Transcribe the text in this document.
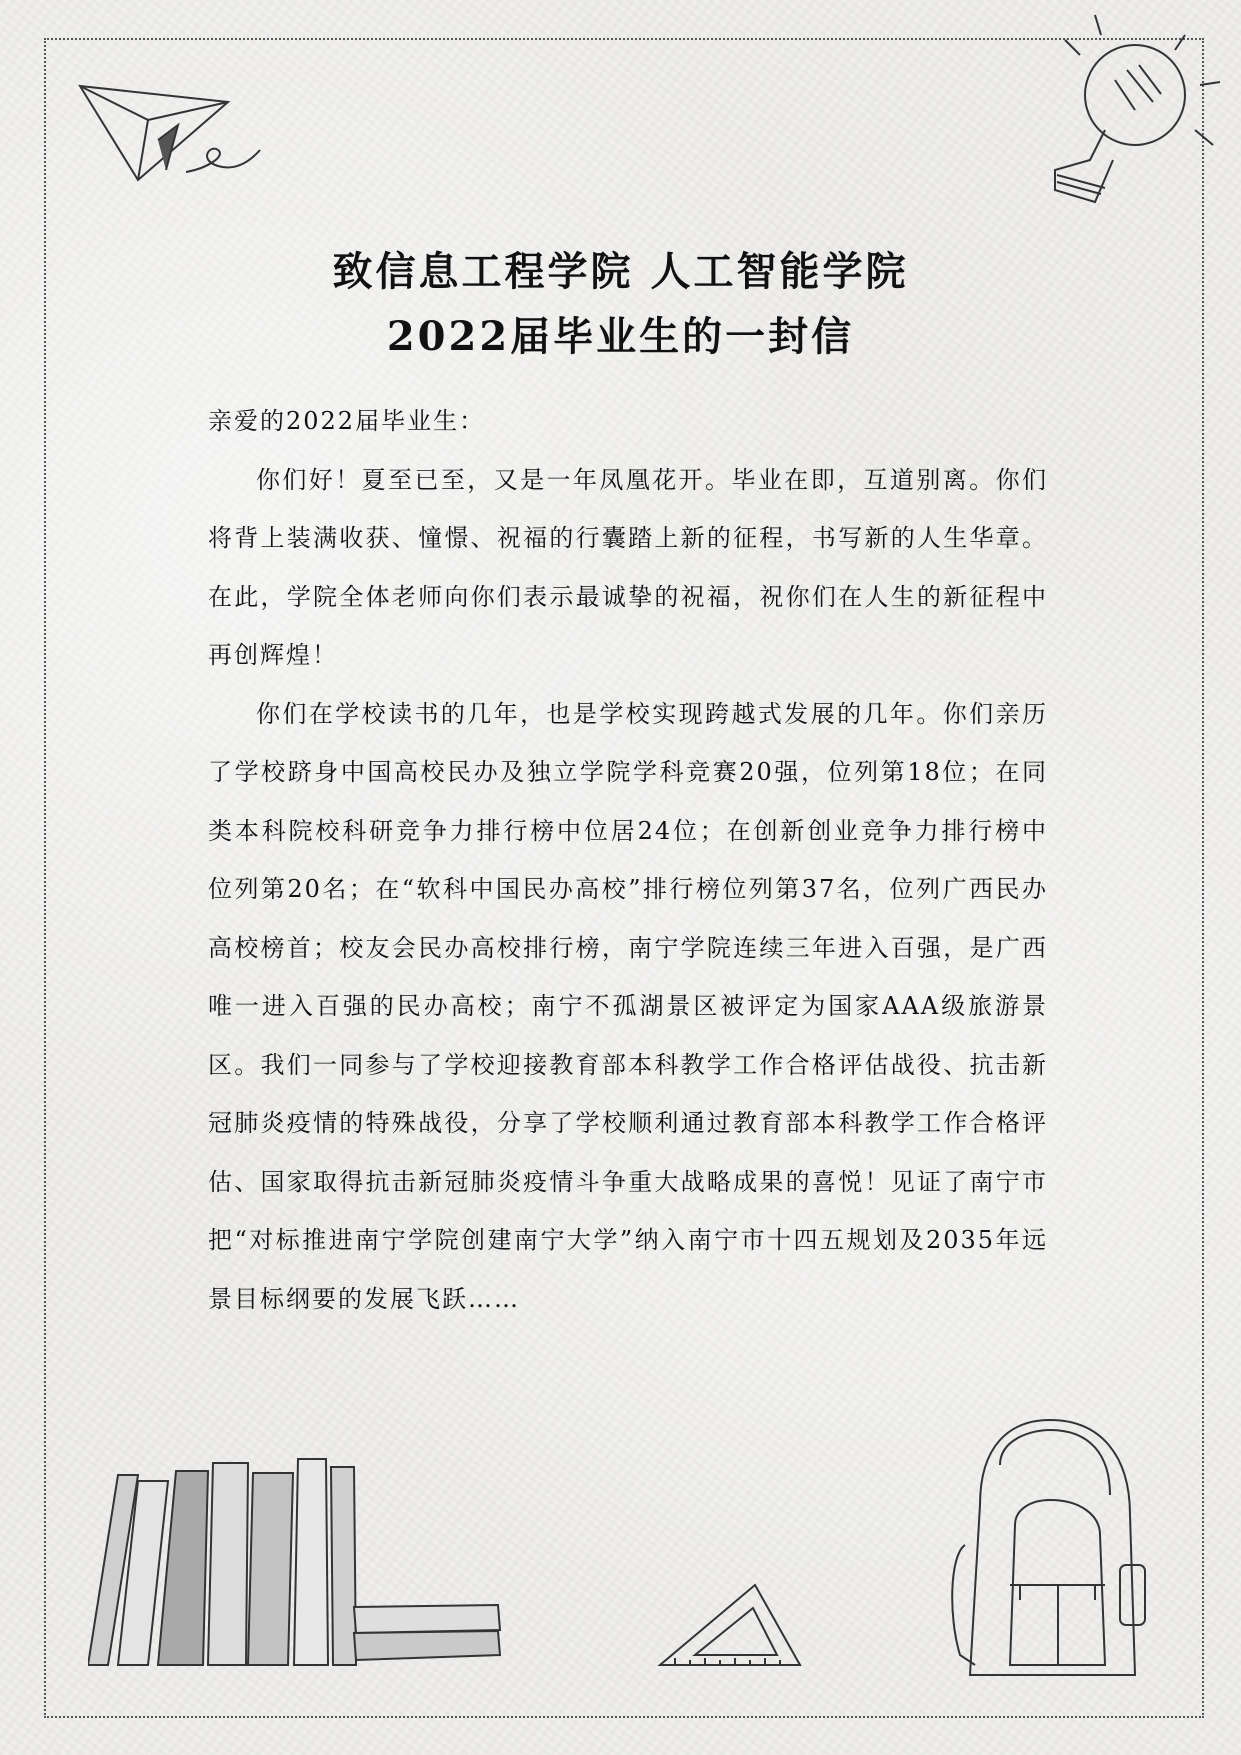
致信息工程学院 人工智能学院
2022届毕业生的一封信

亲爱的2022届毕业生：

你们好！夏至已至，又是一年凤凰花开。毕业在即，互道别离。你们将背上装满收获、憧憬、祝福的行囊踏上新的征程，书写新的人生华章。在此，学院全体老师向你们表示最诚挚的祝福，祝你们在人生的新征程中再创辉煌！

你们在学校读书的几年，也是学校实现跨越式发展的几年。你们亲历了学校跻身中国高校民办及独立学院学科竞赛20强，位列第18位；在同类本科院校科研竞争力排行榜中位居24位；在创新创业竞争力排行榜中位列第20名；在“软科中国民办高校”排行榜位列第37名，位列广西民办高校榜首；校友会民办高校排行榜，南宁学院连续三年进入百强，是广西唯一进入百强的民办高校；南宁不孤湖景区被评定为国家AAA级旅游景区。我们一同参与了学校迎接教育部本科教学工作合格评估战役、抗击新冠肺炎疫情的特殊战役，分享了学校顺利通过教育部本科教学工作合格评估、国家取得抗击新冠肺炎疫情斗争重大战略成果的喜悦！见证了南宁市把“对标推进南宁学院创建南宁大学”纳入南宁市十四五规划及2035年远景目标纲要的发展飞跃……
